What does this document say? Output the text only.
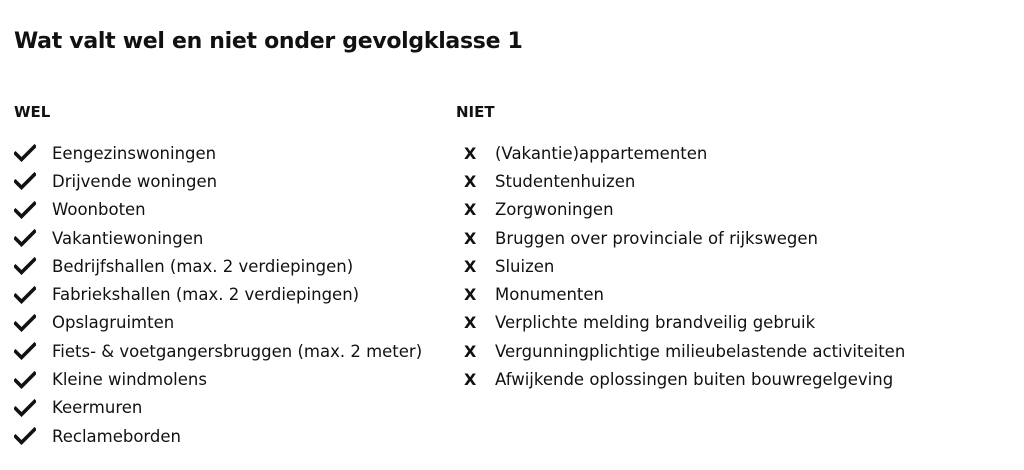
Wat valt wel en niet onder gevolgklasse 1
WEL
Eengezinswoningen
Drijvende woningen
Woonboten
Vakantiewoningen
Bedrijfshallen (max. 2 verdiepingen)
Fabriekshallen (max. 2 verdiepingen)
Opslagruimten
Fiets- & voetgangersbruggen (max. 2 meter)
Kleine windmolens
Keermuren
Reclameborden
NIET
X	(Vakantie)appartementen
X	Studentenhuizen
X	Zorgwoningen
X	Bruggen over provinciale of rijkswegen
X	Sluizen
X	Monumenten
X	Verplichte melding brandveilig gebruik
X	Vergunningplichtige milieubelastende activiteiten
X	Afwijkende oplossingen buiten bouwregelgeving
